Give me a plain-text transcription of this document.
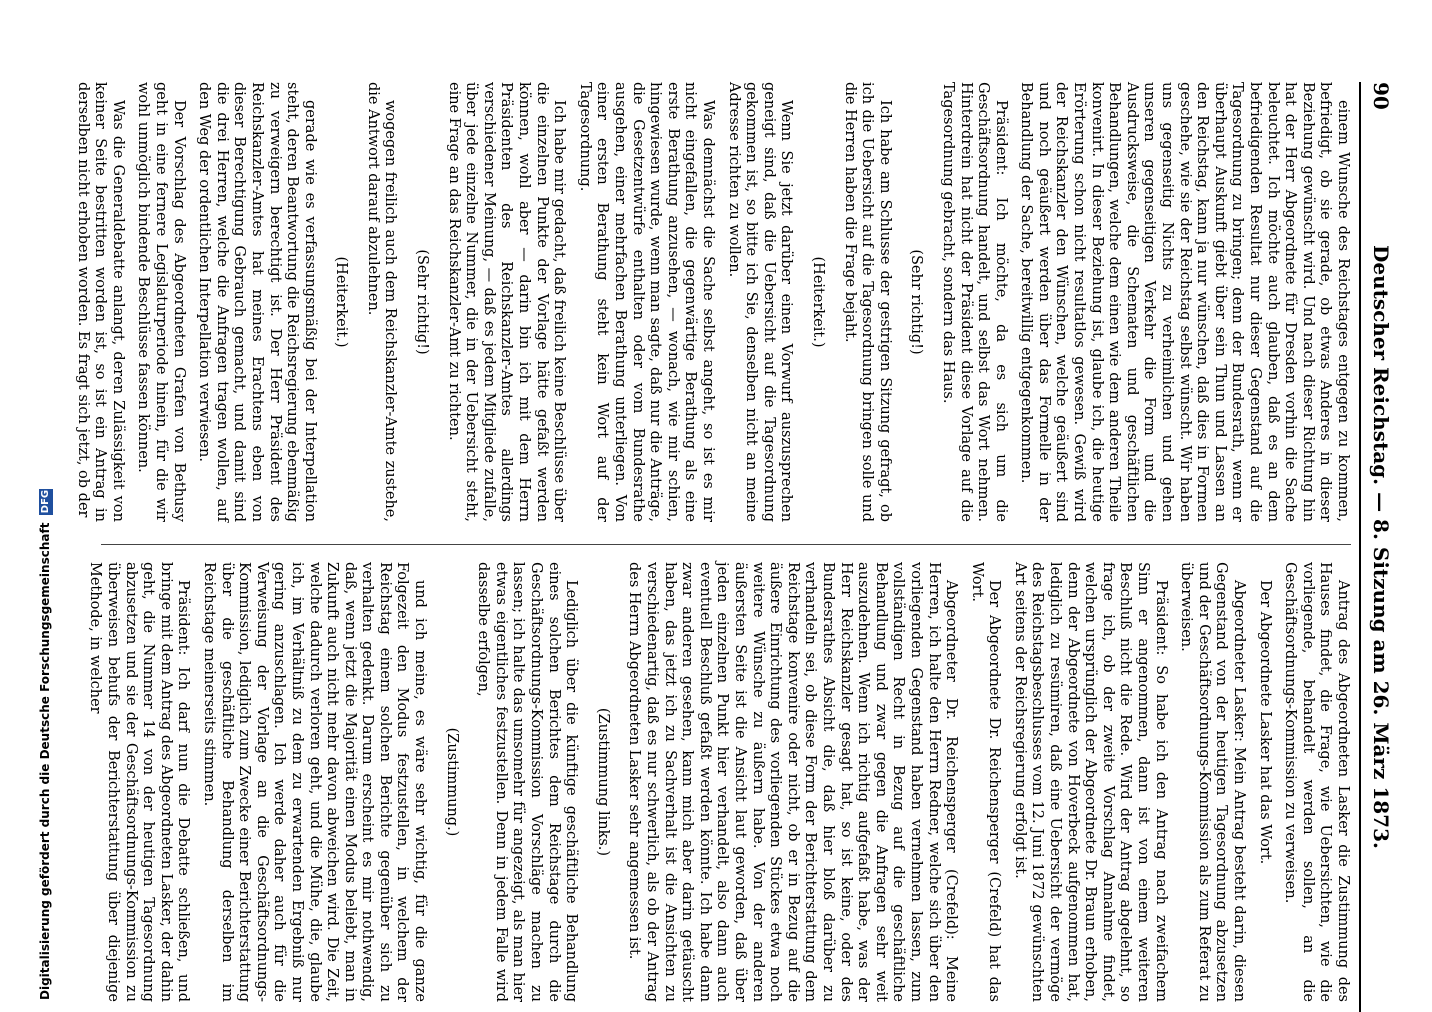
90
Deutscher Reichstag. — 8. Sitzung am 26. März 1873.

einem Wunsche des Reichstages entgegen zu kommen, befriedigt, ob sie gerade, ob etwas Anderes in dieser Beziehung gewünscht wird. Und nach dieser Richtung hin hat der Herr Abgeordnete für Dresden vorhin die Sache beleuchtet. Ich möchte auch glauben, daß es an dem befriedigenden Resultat nur dieser Gegenstand auf die Tagesordnung zu bringen; denn der Bundesrath, wenn er überhaupt Auskunft giebt über sein Thun und Lassen an den Reichstag, kann ja nur wünschen, daß dies in Formen geschehe, wie sie der Reichstag selbst wünscht. Wir haben uns gegenseitig Nichts zu verheimlichen und gehen unseren gegenseitigen Verkehr die Form und die Ausdrucksweise, die Schematen und geschäftlichen Behandlungen, welche dem einen wie dem anderen Theile konvenirt. In dieser Beziehung ist, glaube ich, die heutige Erörterung schon nicht resultatlos gewesen. Gewiß wird der Reichskanzler den Wünschen, welche geäußert sind und noch geäußert werden über das Formelle in der Behandlung der Sache, bereitwillig entgegenkommen.

Präsident: Ich möchte, da es sich um die Geschäftsordnung handelt, und selbst das Wort nehmen. Hinterdrein hat nicht der Präsident diese Vorlage auf die Tagesordnung gebracht, sondern das Haus.

(Sehr richtig!)

Ich habe am Schlusse der gestrigen Sitzung gefragt, ob ich die Uebersicht auf die Tagesordnung bringen solle und die Herren haben die Frage bejaht.

(Heiterkeit.)

Wenn Sie jetzt darüber einen Vorwurf auszusprechen geneigt sind, daß die Uebersicht auf die Tagesordnung gekommen ist, so bitte ich Sie, denselben nicht an meine Adresse richten zu wollen.

Was demnächst die Sache selbst angeht, so ist es mir nicht eingefallen, die gegenwärtige Berathung als eine erste Berathung anzusehen, — wonach, wie mir schien, hingewiesen wurde, wenn man sagte, daß nur die Anträge, die Gesetzentwürfe enthalten oder vom Bundesrathe ausgehen, einer mehrfachen Berathung unterliegen. Von einer ersten Berathung steht kein Wort auf der Tagesordnung.

Ich habe mir gedacht, daß freilich keine Beschlüsse über die einzelnen Punkte der Vorlage hätte gefaßt werden können, wohl aber — darin bin ich mit dem Herrn Präsidenten des Reichskanzler-Amtes allerdings verschiedener Meinung, — daß es jedem Mitgliede zufalle, über jede einzelne Nummer, die in der Uebersicht steht, eine Frage an das Reichskanzler-Amt zu richten.

(Sehr richtig!)

wogegen freilich auch dem Reichskanzler-Amte zustehe, die Antwort darauf abzulehnen.

(Heiterkeit.)

gerade wie es verfassungsmäßig bei der Interpellation steht, deren Beantwortung die Reichsregierung ebenmäßig zu verweigern berechtigt ist. Der Herr Präsident des Reichskanzler-Amtes hat meines Erachtens eben von dieser Berechtigung Gebrauch gemacht, und damit sind die drei Herren, welche die Anfragen tragen wollen, auf den Weg der ordentlichen Interpellation verwiesen.

Der Vorschlag des Abgeordneten Grafen von Bethusy geht in eine fernere Legislaturperiode hinein, für die wir wohl unmöglich bindende Beschlüsse fassen können.

Was die Generaldebatte anlangt, deren Zulässigkeit von keiner Seite bestritten worden ist, so ist ein Antrag in derselben nicht erhoben worden. Es fragt sich jetzt, ob der

Antrag des Abgeordneten Lasker die Zustimmung des Hauses findet, die Frage, wie Uebersichten, wie die vorliegende, behandelt werden sollen, an die Geschäftsordnungs-Kommission zu verweisen.

Der Abgeordnete Lasker hat das Wort.

Abgeordneter Lasker: Mein Antrag besteht darin, diesen Gegenstand von der heutigen Tagesordnung abzusetzen und der Geschäftsordnungs-Kommission als zum Referat zu überweisen.

Präsident: So habe ich den Antrag nach zweifachem Sinn er angenommen, dann ist von einem weiteren Beschluß nicht die Rede. Wird der Antrag abgelehnt, so frage ich, ob der zweite Vorschlag Annahme findet, welchen ursprünglich der Abgeordnete Dr. Braun erhoben, denn der Abgeordnete von Hoverbeck aufgenommen hat, lediglich zu resümiren, daß eine Uebersicht der vermöge des Reichstagsbeschlusses vom 12. Juni 1872 gewünschten Art seitens der Reichsregierung erfolgt ist.

Der Abgeordnete Dr. Reichensperger (Crefeld) hat das Wort.

Abgeordneter Dr. Reichensperger (Crefeld): Meine Herren, ich halte den Herrn Redner, welche sich über den vorliegenden Gegenstand haben vernehmen lassen, zum vollständigen Recht in Bezug auf die geschäftliche Behandlung und zwar gegen die Anfragen sehr weit auszudehnen. Wenn ich richtig aufgefaßt habe, was der Herr Reichskanzler gesagt hat, so ist keine, oder des Bundesrathes Absicht die, daß hier bloß darüber zu verhandeln sei, ob diese Form der Berichterstattung dem Reichstage konvenire oder nicht, ob er in Bezug auf die äußere Einrichtung des vorliegenden Stückes etwa noch weitere Wünsche zu äußern habe. Von der anderen äußersten Seite ist die Ansicht laut geworden, daß über jeden einzelnen Punkt hier verhandelt, also dann auch eventuell Beschluß gefaßt werden könnte. Ich habe dann zwar anderen gesehen, kann mich aber darin getäuscht haben, das jetzt ich zu Sachverhalt ist die Ansichten zu verschiedenartig, daß es nur schwerlich, als ob der Antrag des Herrn Abgeordneten Lasker sehr angemessen ist.

(Zustimmung links.)

Lediglich über die künftige geschäftliche Behandlung eines solchen Berichtes dem Reichstage durch die Geschäftsordnungs-Kommission Vorschläge machen zu lassen; ich halte das umsomehr für angezeigt, als man hier etwas eigentliches festzustellen. Denn in jedem Falle wird dasselbe erfolgen,

(Zustimmung.)

und ich meine, es wäre sehr wichtig, für die ganze Folgezeit den Modus festzustellen, in welchem der Reichstag einem solchen Berichte gegenüber sich zu verhalten gedenkt. Darum erscheint es mir nothwendig, daß, wenn jetzt die Majorität einen Modus beliebt, man in Zukunft auch nicht mehr davon abweichen wird. Die Zeit, welche dadurch verloren geht, und die Mühe, die, glaube ich, im Verhältniß zu dem zu erwartenden Ergebniß nur gering anzuschlagen. Ich werde daher auch für die Verweisung der Vorlage an die Geschäftsordnungs-Kommission, lediglich zum Zwecke einer Berichterstattung über die geschäftliche Behandlung derselben im Reichstage meinerseits stimmen.

Präsident: Ich darf nun die Debatte schließen, und bringe mit dem Antrag des Abgeordneten Lasker, der dahin geht, die Nummer 14 von der heutigen Tagesordnung abzusetzen und sie der Geschäftsordnungs-Kommission zu überweisen behufs der Berichterstattung über diejenige Methode, in welcher

Digitalisierung gefördert durch die Deutsche ForschungsgemeinschaftDFG
